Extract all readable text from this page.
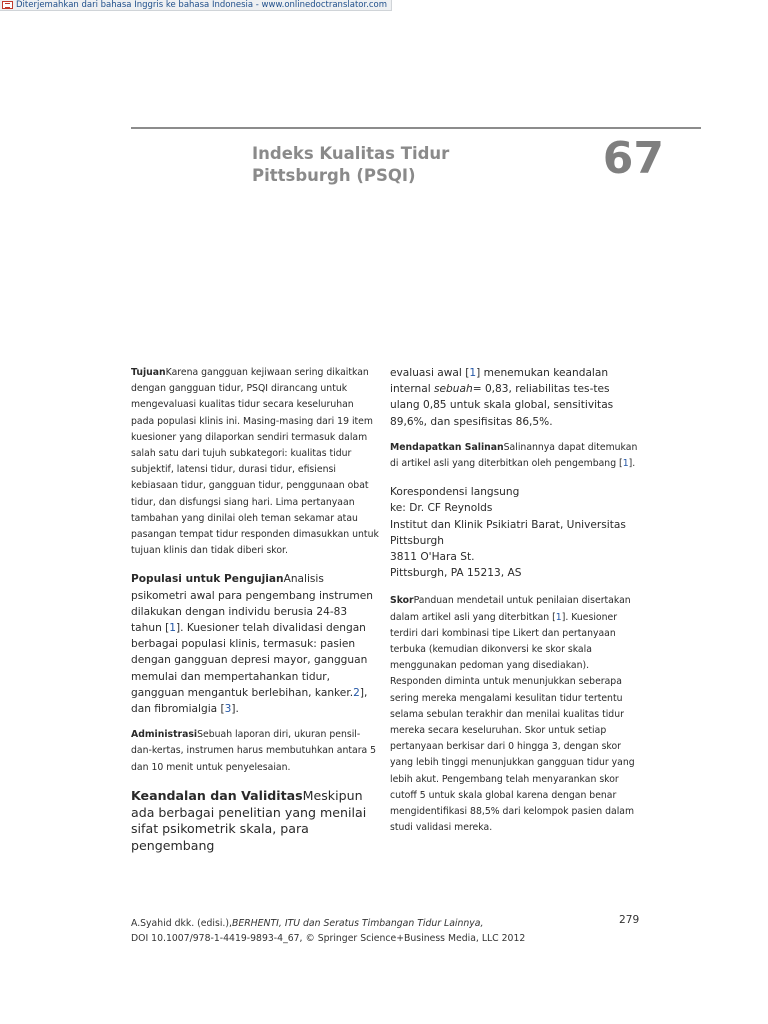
Diterjemahkan dari bahasa Inggris ke bahasa Indonesia - www.onlinedoctranslator.com
Indeks Kualitas Tidur
Pittsburgh (PSQI)	67

TujuanKarena gangguan kejiwaan sering dikaitkan dengan gangguan tidur, PSQI dirancang untuk mengevaluasi kualitas tidur secara keseluruhan pada populasi klinis ini. Masing-masing dari 19 item kuesioner yang dilaporkan sendiri termasuk dalam salah satu dari tujuh subkategori: kualitas tidur subjektif, latensi tidur, durasi tidur, efisiensi kebiasaan tidur, gangguan tidur, penggunaan obat tidur, dan disfungsi siang hari. Lima pertanyaan tambahan yang dinilai oleh teman sekamar atau pasangan tempat tidur responden dimasukkan untuk tujuan klinis dan tidak diberi skor.

Populasi untuk PengujianAnalisis psikometri awal para pengembang instrumen dilakukan dengan individu berusia 24-83 tahun [1]. Kuesioner telah divalidasi dengan berbagai populasi klinis, termasuk: pasien dengan gangguan depresi mayor, gangguan memulai dan mempertahankan tidur, gangguan mengantuk berlebihan, kanker.2], dan fibromialgia [3].

AdministrasiSebuah laporan diri, ukuran pensil-dan-kertas, instrumen harus membutuhkan antara 5 dan 10 menit untuk penyelesaian.

Keandalan dan ValiditasMeskipun ada berbagai penelitian yang menilai sifat psikometrik skala, para pengembang

evaluasi awal [1] menemukan keandalan internal sebuah= 0,83, reliabilitas tes-tes ulang 0,85 untuk skala global, sensitivitas 89,6%, dan spesifisitas 86,5%.

Mendapatkan SalinanSalinannya dapat ditemukan di artikel asli yang diterbitkan oleh pengembang [1].

Korespondensi langsung
ke: Dr. CF Reynolds
Institut dan Klinik Psikiatri Barat, Universitas Pittsburgh
3811 O'Hara St.
Pittsburgh, PA 15213, AS

SkorPanduan mendetail untuk penilaian disertakan dalam artikel asli yang diterbitkan [1]. Kuesioner terdiri dari kombinasi tipe Likert dan pertanyaan terbuka (kemudian dikonversi ke skor skala menggunakan pedoman yang disediakan). Responden diminta untuk menunjukkan seberapa sering mereka mengalami kesulitan tidur tertentu selama sebulan terakhir dan menilai kualitas tidur mereka secara keseluruhan. Skor untuk setiap pertanyaan berkisar dari 0 hingga 3, dengan skor yang lebih tinggi menunjukkan gangguan tidur yang lebih akut. Pengembang telah menyarankan skor cutoff 5 untuk skala global karena dengan benar mengidentifikasi 88,5% dari kelompok pasien dalam studi validasi mereka.

A.Syahid dkk. (edisi.),BERHENTI, ITU dan Seratus Timbangan Tidur Lainnya,
DOI 10.1007/978-1-4419-9893-4_67, © Springer Science+Business Media, LLC 2012
279
